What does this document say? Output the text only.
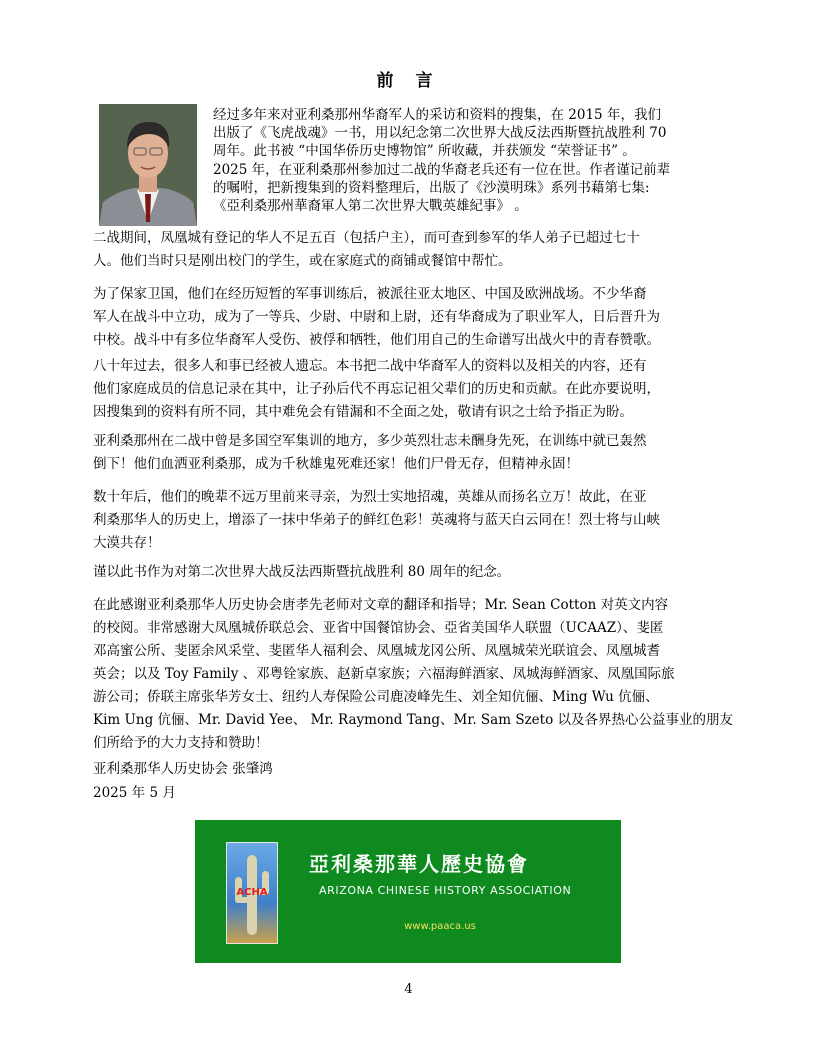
前 言
经过多年来对亚利桑那州华裔军人的采访和资料的搜集，在 2015 年，我们
出版了《飞虎战魂》一书，用以纪念第二次世界大战反法西斯暨抗战胜利 70
周年。此书被 “中国华侨历史博物馆” 所收藏，并获颁发 “荣誉证书” 。
2025 年，在亚利桑那州参加过二战的华裔老兵还有一位在世。作者谨记前辈
的嘱咐，把新搜集到的资料整理后，出版了《沙漠明珠》系列书藉第七集:
《亞利桑那州華裔軍人第二次世界大戰英雄紀事》 。
二战期间，凤凰城有登记的华人不足五百（包括户主），而可查到参军的华人弟子已超过七十
人。他们当时只是刚出校门的学生，或在家庭式的商铺或餐馆中帮忙。
为了保家卫国，他们在经历短暂的军事训练后，被派往亚太地区、中国及欧洲战场。不少华裔
军人在战斗中立功，成为了一等兵、少尉、中尉和上尉，还有华裔成为了职业军人，日后晋升为
中校。战斗中有多位华裔军人受伤、被俘和牺牲，他们用自己的生命谱写出战火中的青春赞歌。
八十年过去，很多人和事已经被人遗忘。本书把二战中华裔军人的资料以及相关的内容，还有
他们家庭成员的信息记录在其中，让子孙后代不再忘记祖父辈们的历史和贡献。在此亦要说明，
因搜集到的资料有所不同，其中难免会有错漏和不全面之处，敬请有识之士给予指正为盼。
亚利桑那州在二战中曾是多国空军集训的地方，多少英烈壮志未酬身先死，在训练中就已轰然
倒下！他们血洒亚利桑那，成为千秋雄鬼死难还家！他们尸骨无存，但精神永固！
数十年后，他们的晚辈不远万里前来寻亲，为烈士实地招魂，英雄从而扬名立万！故此，在亚
利桑那华人的历史上，增添了一抹中华弟子的鲜红色彩！英魂将与蓝天白云同在！烈士将与山峡
大漠共存！
谨以此书作为对第二次世界大战反法西斯暨抗战胜利 80 周年的纪念。
在此感谢亚利桑那华人历史协会唐孝先老师对文章的翻译和指导；Mr. Sean Cotton 对英文内容
的校阅。非常感谢大凤凰城侨联总会、亚省中国餐馆协会、亞省美国华人联盟（UCAAZ）、斐匿
邓高蜜公所、斐匿余风采堂、斐匿华人福利会、凤凰城龙冈公所、凤凰城荣光联谊会、凤凰城耆
英会；以及 Toy Family 、邓粤铨家族、赵新卓家族；六福海鲜酒家、凤城海鲜酒家、凤凰国际旅
游公司；侨联主席张华芳女士、纽约人寿保险公司鹿凌峰先生、刘全知伉俪、Ming Wu 伉俪、
Kim Ung 伉俪、Mr. David Yee、 Mr. Raymond Tang、Mr. Sam Szeto 以及各界热心公益事业的朋友
们所给予的大力支持和赞助！
亚利桑那华人历史协会 张肇鸿
2025 年 5 月
ACHA
亞利桑那華人歷史協會
ARIZONA CHINESE HISTORY ASSOCIATION
www.paaca.us
4
